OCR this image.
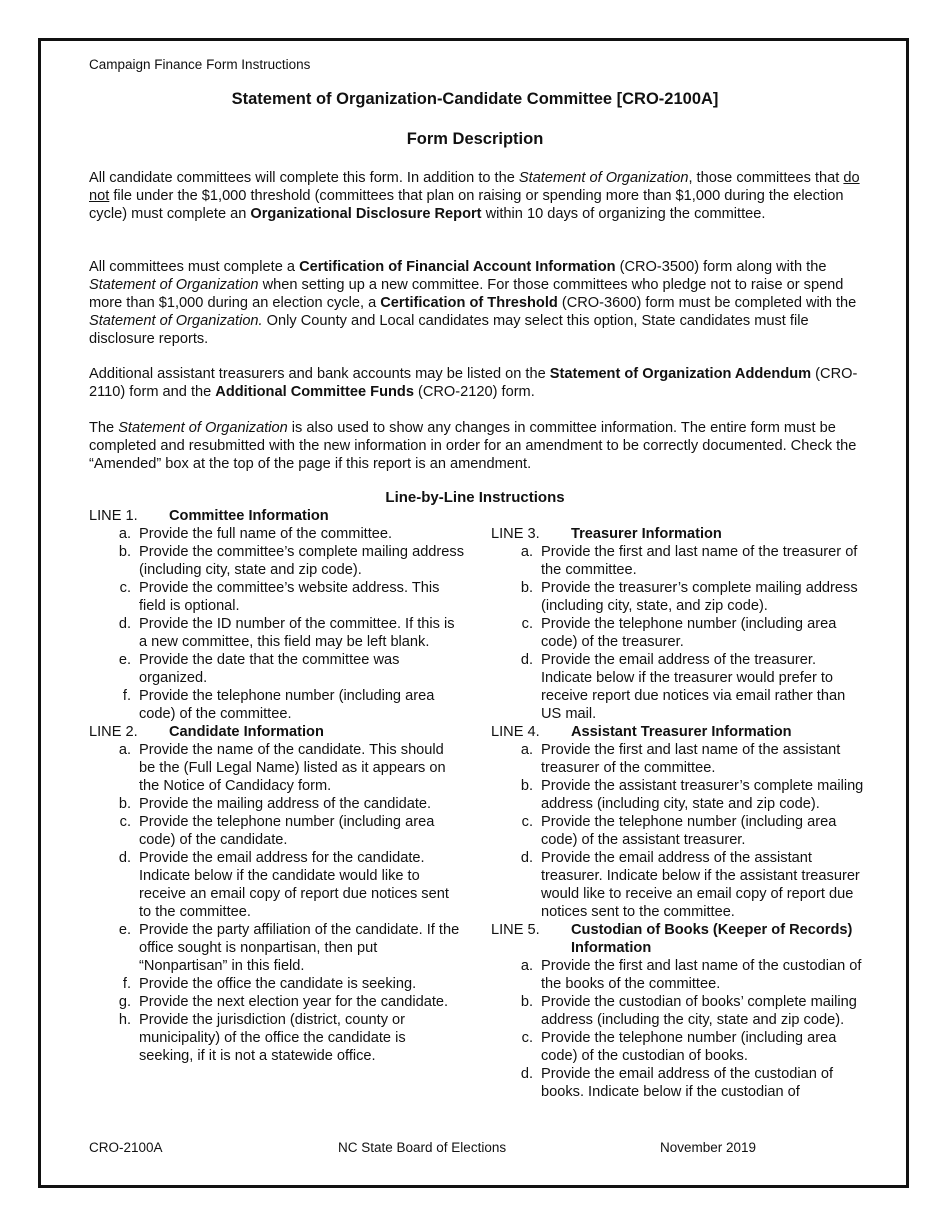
Campaign Finance Form Instructions
Statement of Organization-Candidate Committee [CRO-2100A]
Form Description
All candidate committees will complete this form. In addition to the Statement of Organization, those committees that do not file under the $1,000 threshold (committees that plan on raising or spending more than $1,000 during the election cycle) must complete an Organizational Disclosure Report within 10 days of organizing the committee.
All committees must complete a Certification of Financial Account Information (CRO-3500) form along with the Statement of Organization when setting up a new committee. For those committees who pledge not to raise or spend more than $1,000 during an election cycle, a Certification of Threshold (CRO-3600) form must be completed with the Statement of Organization. Only County and Local candidates may select this option, State candidates must file disclosure reports.
Additional assistant treasurers and bank accounts may be listed on the Statement of Organization Addendum (CRO-2110) form and the Additional Committee Funds (CRO-2120) form.
The Statement of Organization is also used to show any changes in committee information. The entire form must be completed and resubmitted with the new information in order for an amendment to be correctly documented. Check the “Amended” box at the top of the page if this report is an amendment.
Line-by-Line Instructions
LINE 1.	Committee Information
a. Provide the full name of the committee.
b. Provide the committee’s complete mailing address (including city, state and zip code).
c. Provide the committee’s website address. This field is optional.
d. Provide the ID number of the committee. If this is a new committee, this field may be left blank.
e. Provide the date that the committee was organized.
f. Provide the telephone number (including area code) of the committee.
LINE 2.	Candidate Information
a. Provide the name of the candidate. This should be the (Full Legal Name) listed as it appears on the Notice of Candidacy form.
b. Provide the mailing address of the candidate.
c. Provide the telephone number (including area code) of the candidate.
d. Provide the email address for the candidate. Indicate below if the candidate would like to receive an email copy of report due notices sent to the committee.
e. Provide the party affiliation of the candidate. If the office sought is nonpartisan, then put “Nonpartisan” in this field.
f. Provide the office the candidate is seeking.
g. Provide the next election year for the candidate.
h. Provide the jurisdiction (district, county or municipality) of the office the candidate is seeking, if it is not a statewide office.
LINE 3.	Treasurer Information
a. Provide the first and last name of the treasurer of the committee.
b. Provide the treasurer’s complete mailing address (including city, state, and zip code).
c. Provide the telephone number (including area code) of the treasurer.
d. Provide the email address of the treasurer. Indicate below if the treasurer would prefer to receive report due notices via email rather than US mail.
LINE 4.	Assistant Treasurer Information
a. Provide the first and last name of the assistant treasurer of the committee.
b. Provide the assistant treasurer’s complete mailing address (including city, state and zip code).
c. Provide the telephone number (including area code) of the assistant treasurer.
d. Provide the email address of the assistant treasurer. Indicate below if the assistant treasurer would like to receive an email copy of report due notices sent to the committee.
LINE 5.	Custodian of Books (Keeper of Records) Information
a. Provide the first and last name of the custodian of the books of the committee.
b. Provide the custodian of books’ complete mailing address (including the city, state and zip code).
c. Provide the telephone number (including area code) of the custodian of books.
d. Provide the email address of the custodian of books. Indicate below if the custodian of
CRO-2100A	NC State Board of Elections	November 2019
